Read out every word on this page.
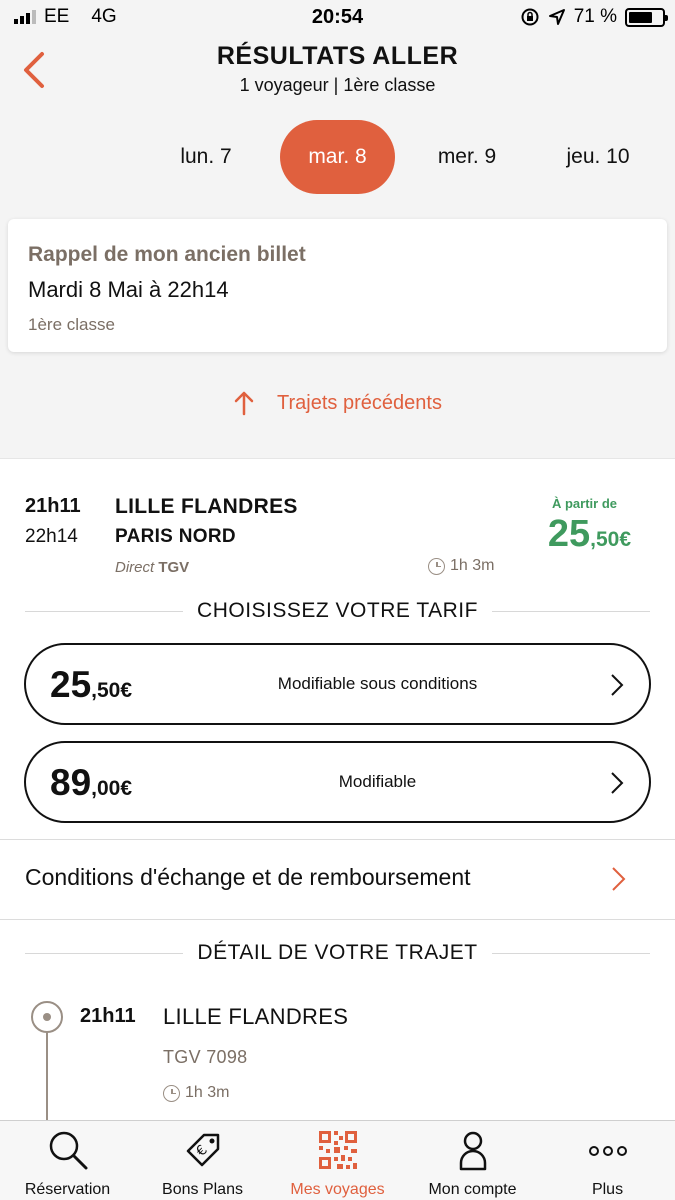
EE 4G	20:54	71 %
RÉSULTATS ALLER
1 voyageur | 1ère classe
lun. 7	mar. 8	mer. 9	jeu. 10
Rappel de mon ancien billet
Mardi 8 Mai à 22h14
1ère classe
Trajets précédents
21h11
22h14
LILLE FLANDRES
PARIS NORD
Direct TGV	1h 3m
À partir de
25,50€
CHOISISSEZ VOTRE TARIF
25,50€	Modifiable sous conditions
89,00€	Modifiable
Conditions d'échange et de remboursement
DÉTAIL DE VOTRE TRAJET
21h11 LILLE FLANDRES
TGV 7098
1h 3m
Réservation
€
Bons Plans	Mes voyages	Mon compte	Plus
